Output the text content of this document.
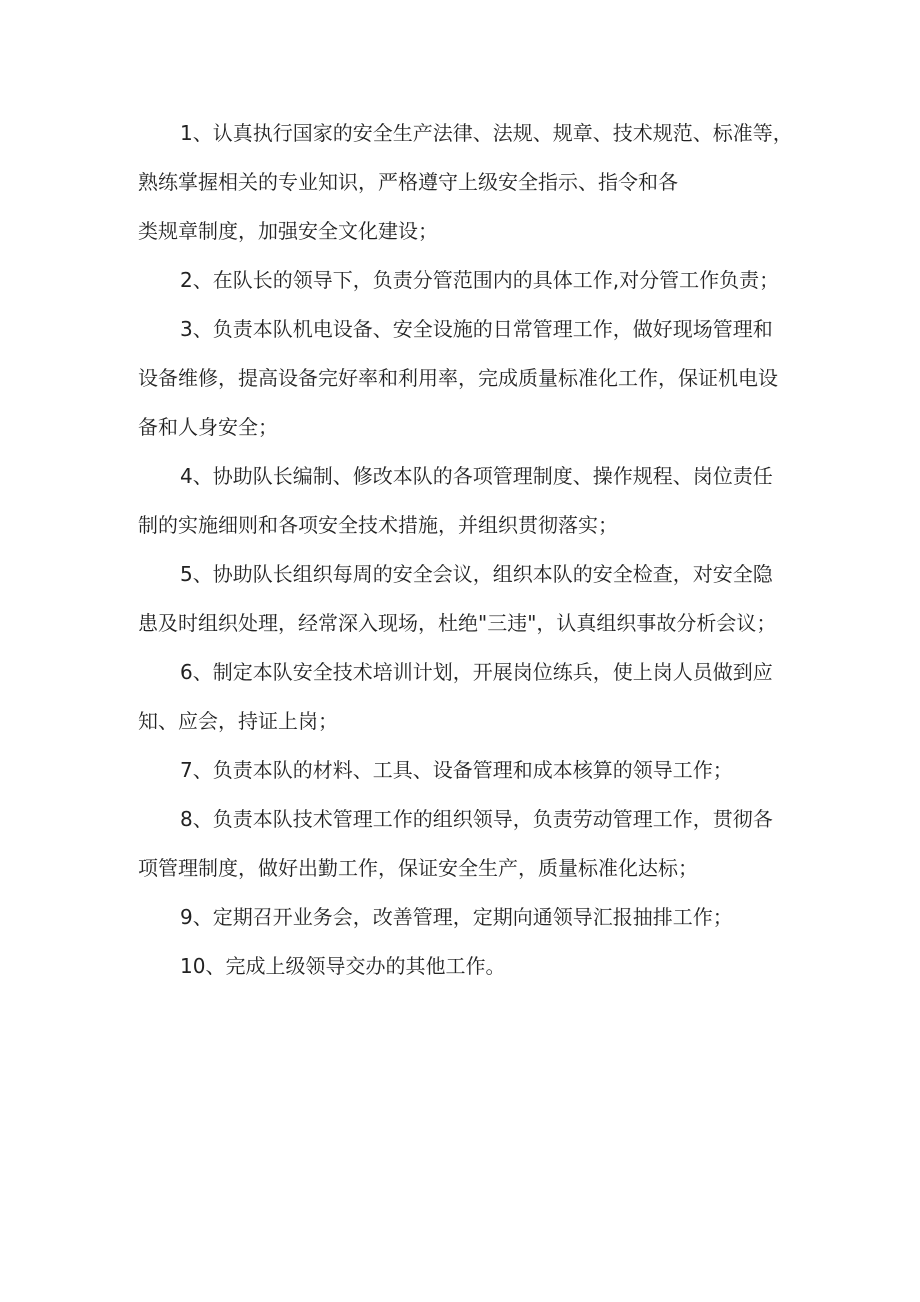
1、认真执行国家的安全生产法律、法规、规章、技术规范、标准等，
熟练掌握相关的专业知识，严格遵守上级安全指示、指令和各
类规章制度，加强安全文化建设；
2、在队长的领导下，负责分管范围内的具体工作,对分管工作负责；
3、负责本队机电设备、安全设施的日常管理工作，做好现场管理和
设备维修，提高设备完好率和利用率，完成质量标准化工作，保证机电设
备和人身安全；
4、协助队长编制、修改本队的各项管理制度、操作规程、岗位责任
制的实施细则和各项安全技术措施，并组织贯彻落实；
5、协助队长组织每周的安全会议，组织本队的安全检查，对安全隐
患及时组织处理，经常深入现场，杜绝"三违"，认真组织事故分析会议；
6、制定本队安全技术培训计划，开展岗位练兵，使上岗人员做到应
知、应会，持证上岗；
7、负责本队的材料、工具、设备管理和成本核算的领导工作；
8、负责本队技术管理工作的组织领导，负责劳动管理工作，贯彻各
项管理制度，做好出勤工作，保证安全生产，质量标准化达标；
9、定期召开业务会，改善管理，定期向通领导汇报抽排工作；
10、完成上级领导交办的其他工作。
